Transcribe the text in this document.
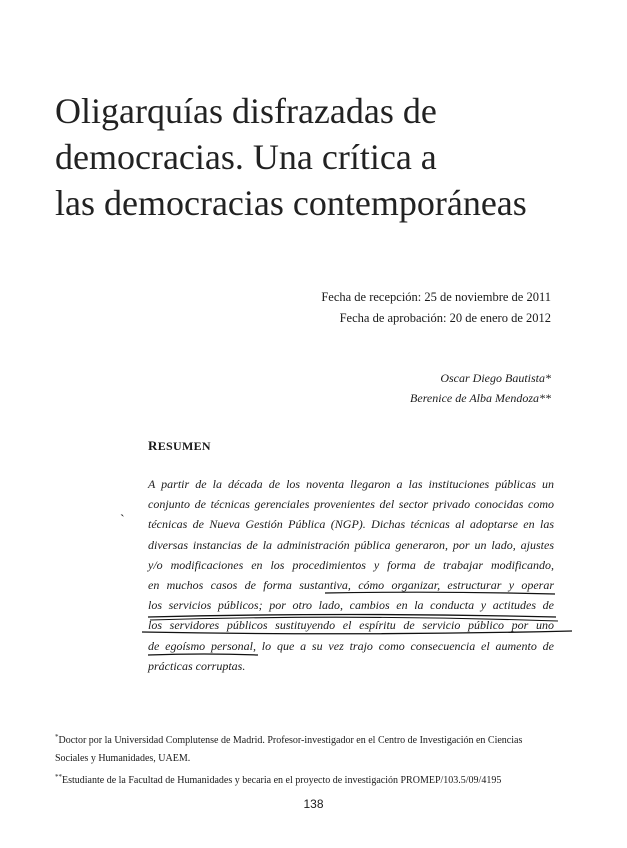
Oligarquías disfrazadas de
democracias. Una crítica a
las democracias contemporáneas
Fecha de recepción: 25 de noviembre de 2011
Fecha de aprobación: 20 de enero de 2012
Oscar Diego Bautista*
Berenice de Alba Mendoza**
RESUMEN
`
A partir de la década de los noventa llegaron a las instituciones públicas un
conjunto de técnicas gerenciales provenientes del sector privado conocidas como
técnicas de Nueva Gestión Pública (NGP). Dichas técnicas al adoptarse en las
diversas instancias de la administración pública generaron, por un lado, ajustes
y/o modificaciones en los procedimientos y forma de trabajar modificando,
en muchos casos de forma sustantiva, cómo organizar, estructurar y operar
los servicios públicos; por otro lado, cambios en la conducta y actitudes de
los servidores públicos sustituyendo el espíritu de servicio público por uno
de egoísmo personal, lo que a su vez trajo como consecuencia el aumento de
prácticas corruptas.

*Doctor por la Universidad Complutense de Madrid. Profesor-investigador en el Centro de Investigación en Ciencias Sociales y Humanidades, UAEM.

**Estudiante de la Facultad de Humanidades y becaria en el proyecto de investigación PROMEP/103.5/09/4195

138
